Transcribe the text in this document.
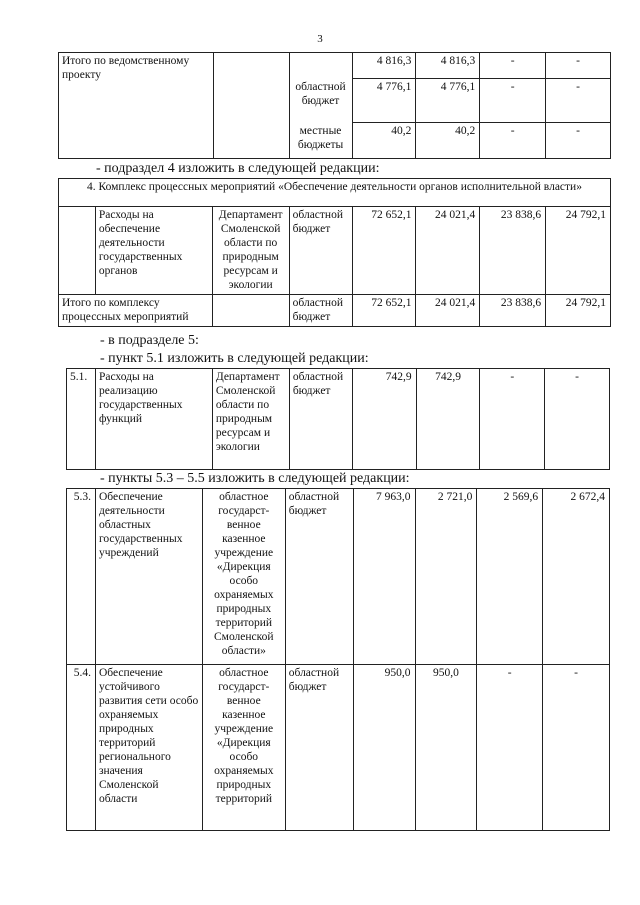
3
Итого по ведомственному проекту			4 816,3	4 816,3	-	-
		областной бюджет	4 776,1	4 776,1	-	-
		местные бюджеты	40,2	40,2	-	-
- подраздел 4 изложить в следующей редакции:
4. Комплекс процессных мероприятий «Обеспечение деятельности органов исполнительной власти»							
	Расходы на обеспечение деятельности государственных органов	Департамент Смоленской области по природным ресурсам и экологии	областной бюджет	72 652,1	24 021,4	23 838,6	24 792,1
Итого по комплексу процессных мероприятий			областной бюджет	72 652,1	24 021,4	23 838,6	24 792,1
- в подразделе 5:
- пункт 5.1 изложить в следующей редакции:
5.1.	Расходы на реализацию государственных функций	Департамент Смоленской области по природным ресурсам и экологии	областной бюджет	742,9	742,9	-	-
- пункты 5.3 – 5.5 изложить в следующей редакции:
5.3.	Обеспечение деятельности областных государственных учреждений	областное государст-венное казенное учреждение «Дирекция особо охраняемых природных территорий Смоленской области»	областной бюджет	7 963,0	2 721,0	2 569,6	2 672,4
5.4.	Обеспечение устойчивого развития сети особо охраняемых природных территорий регионального значения Смоленской области	областное государст-венное казенное учреждение «Дирекция особо охраняемых природных территорий	областной бюджет	950,0	950,0	-	-
